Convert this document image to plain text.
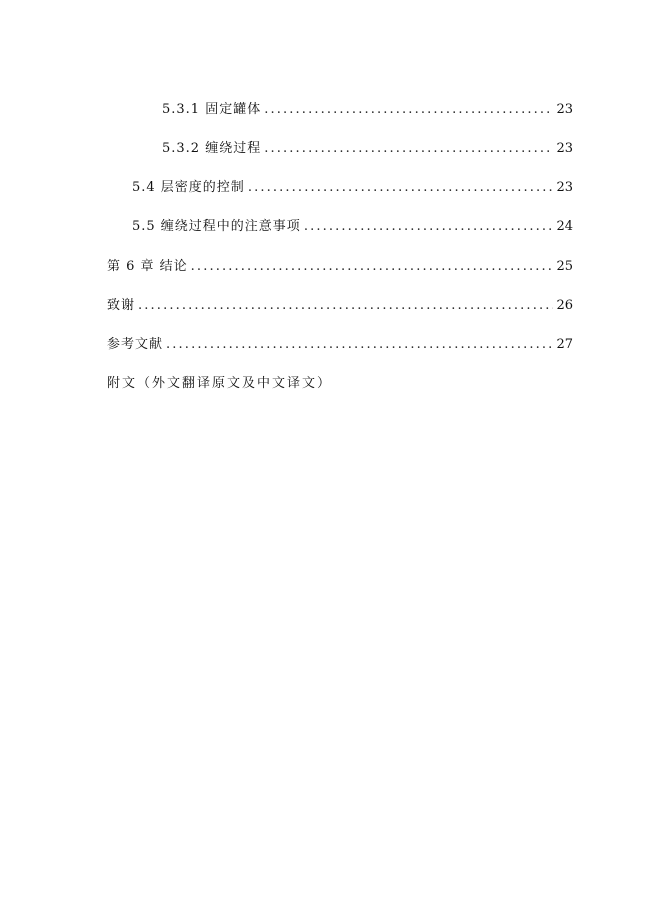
5.3.1 固定罐体 . . .	23
5.3.2 缠绕过程 . . .	23
5.4 层密度的控制 . . .	23
5.5 缠绕过程中的注意事项 . . .	24
第 6 章 结论 . . .	25
致谢 . . .	26
参考文献 . . .	27
附文（外文翻译原文及中文译文）
